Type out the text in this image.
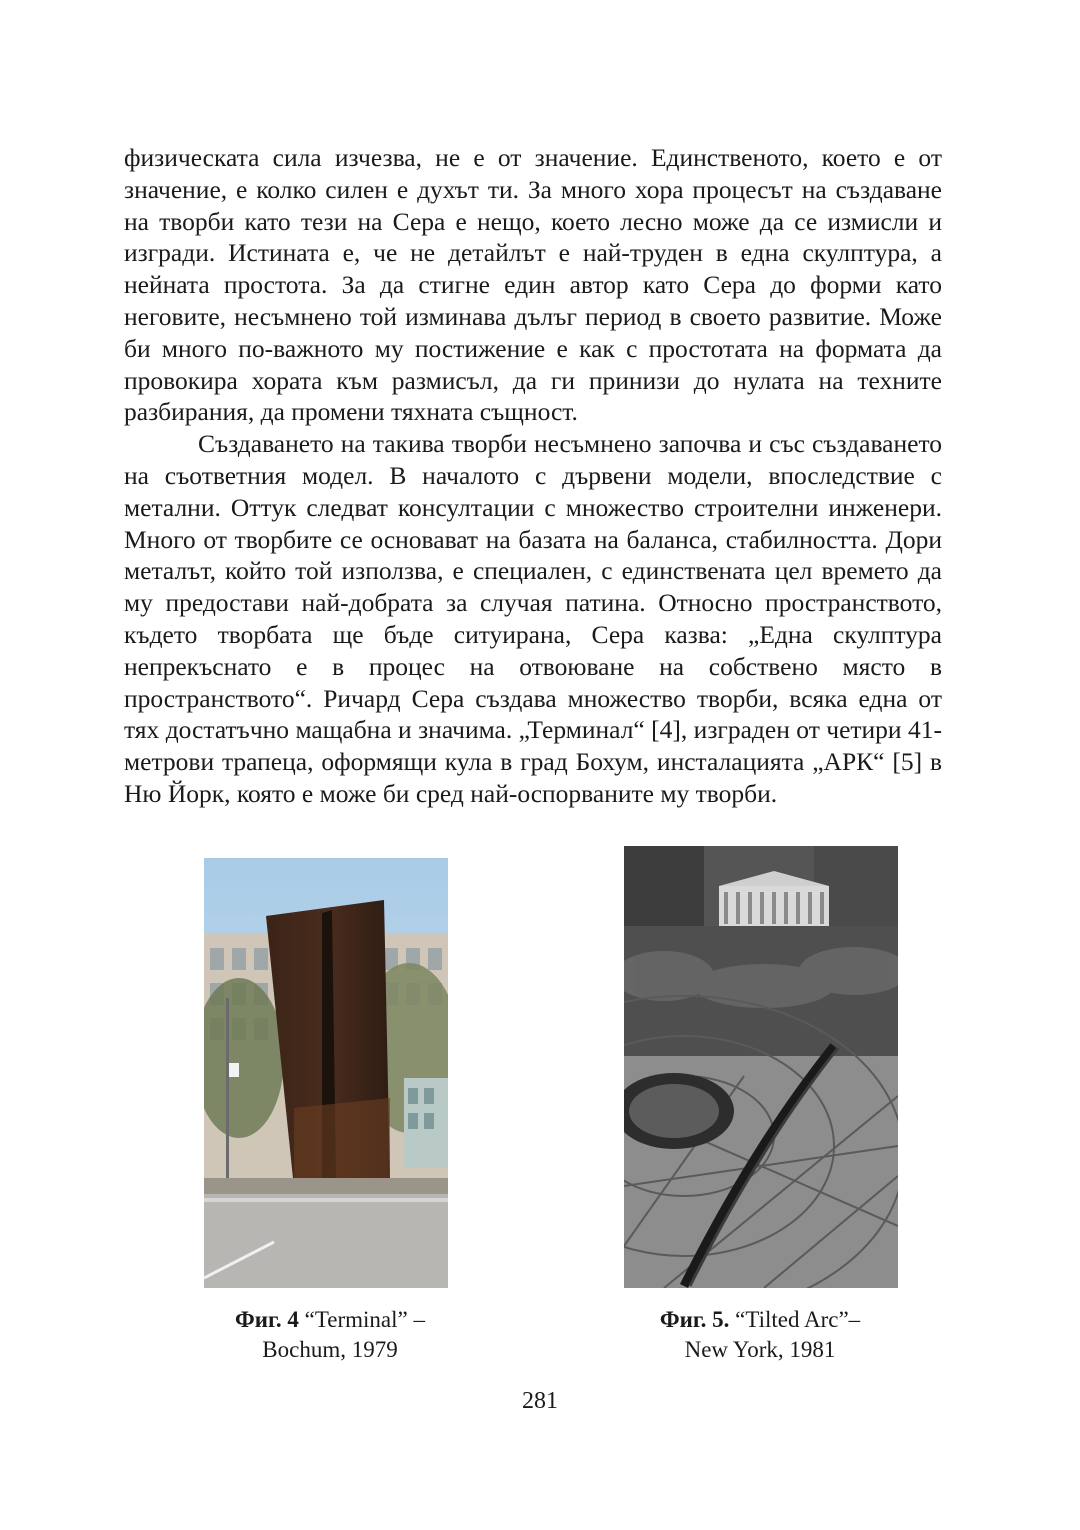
физическата сила изчезва, не е от значение. Единственото, което е от значение, е колко силен е духът ти. За много хора процесът на създаване на творби като тези на Сера е нещо, което лесно може да се измисли и изгради. Истината е, че не детайлът е най-труден в една скулптура, а нейната простота. За да стигне един автор като Сера до форми като неговите, несъмнено той изминава дълъг период в своето развитие. Може би много по-важното му постижение е как с простотата на формата да провокира хората към размисъл, да ги принизи до нулата на техните разбирания, да промени тяхната същност.

Създаването на такива творби несъмнено започва и със създаването на съответния модел. В началото с дървени модели, впоследствие с метални. Оттук следват консултации с множество строителни инженери. Много от творбите се основават на базата на баланса, стабилността. Дори металът, който той използва, е специален, с единствената цел времето да му предостави най-добрата за случая патина. Относно пространството, където творбата ще бъде ситуирана, Сера казва: „Една скулптура непрекъснато е в процес на отвоюване на собствено място в пространството“. Ричард Сера създава множество творби, всяка една от тях достатъчно мащабна и значима. „Терминал“ [4], изграден от четири 41-метрови трапеца, оформящи кула в град Бохум, инсталацията „АРК“ [5] в Ню Йорк, която е може би сред най-оспорваните му творби.

Фиг. 4 “Terminal” –
Bochum, 1979
Фиг. 5. “Tilted Arc”–
New York, 1981
281
